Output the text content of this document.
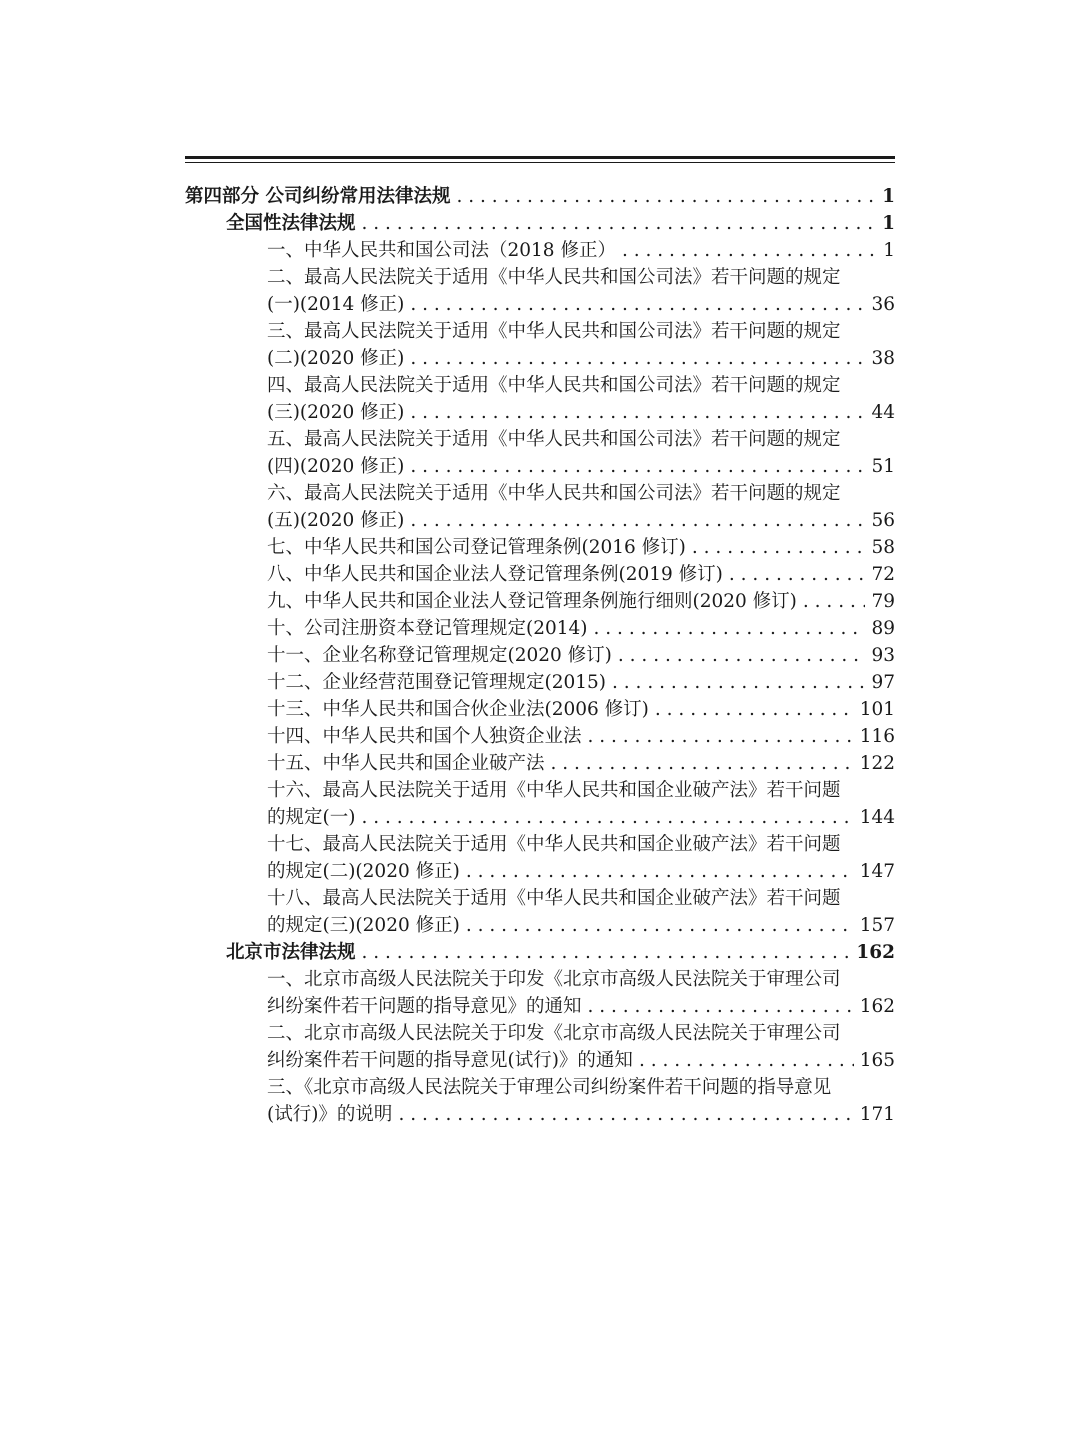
第四部分 公司纠纷常用法律法规 . . .	1
全国性法律法规 . . .	1
一、中华人民共和国公司法（2018 修正） . . .	1
二、最高人民法院关于适用《中华人民共和国公司法》若干问题的规定
(一)(2014 修正) . . .	36
三、最高人民法院关于适用《中华人民共和国公司法》若干问题的规定
(二)(2020 修正) . . .	38
四、最高人民法院关于适用《中华人民共和国公司法》若干问题的规定
(三)(2020 修正) . . .	44
五、最高人民法院关于适用《中华人民共和国公司法》若干问题的规定
(四)(2020 修正) . . .	51
六、最高人民法院关于适用《中华人民共和国公司法》若干问题的规定
(五)(2020 修正) . . .	56
七、中华人民共和国公司登记管理条例(2016 修订) . . .	58
八、中华人民共和国企业法人登记管理条例(2019 修订) . . .	72
九、中华人民共和国企业法人登记管理条例施行细则(2020 修订) . . .	79
十、公司注册资本登记管理规定(2014) . . .	89
十一、企业名称登记管理规定(2020 修订) . . .	93
十二、企业经营范围登记管理规定(2015) . . .	97
十三、中华人民共和国合伙企业法(2006 修订) . . .	101
十四、中华人民共和国个人独资企业法 . . .	116
十五、中华人民共和国企业破产法 . . .	122
十六、最高人民法院关于适用《中华人民共和国企业破产法》若干问题
的规定(一) . . .	144
十七、最高人民法院关于适用《中华人民共和国企业破产法》若干问题
的规定(二)(2020 修正) . . .	147
十八、最高人民法院关于适用《中华人民共和国企业破产法》若干问题
的规定(三)(2020 修正) . . .	157
北京市法律法规 . . .	162
一、北京市高级人民法院关于印发《北京市高级人民法院关于审理公司
纠纷案件若干问题的指导意见》的通知 . . .	162
二、北京市高级人民法院关于印发《北京市高级人民法院关于审理公司
纠纷案件若干问题的指导意见(试行)》的通知 . . .	165
三、《北京市高级人民法院关于审理公司纠纷案件若干问题的指导意见
(试行)》的说明 . . .	171
